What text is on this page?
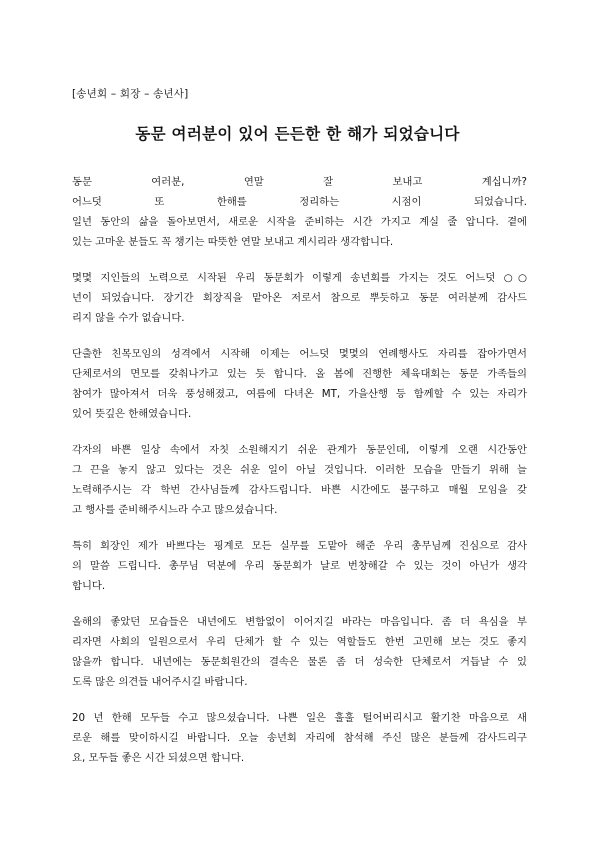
[송년회 – 회장 – 송년사]
동문 여러분이 있어 든든한 한 해가 되었습니다
동문 여러분, 연말 잘 보내고 계십니까?
어느덧 또 한해를 정리하는 시점이 되었습니다.
일년 동안의 삶을 돌아보면서, 새로운 시작을 준비하는 시간 가지고 계실 줄 압니다. 곁에
있는 고마운 분들도 꼭 챙기는 따뜻한 연말 보내고 계시리라 생각합니다.
몇몇 지인들의 노력으로 시작된 우리 동문회가 이렇게 송년회를 가지는 것도 어느덧 ○○
년이 되었습니다. 장기간 회장직을 맡아온 저로서 참으로 뿌듯하고 동문 여러분께 감사드
리지 않을 수가 없습니다.
단출한 친목모임의 성격에서 시작해 이제는 어느덧 몇몇의 연례행사도 자리를 잡아가면서
단체로서의 면모를 갖춰나가고 있는 듯 합니다. 올 봄에 진행한 체육대회는 동문 가족들의
참여가 많아져서 더욱 풍성해졌고, 여름에 다녀온 MT, 가을산행 등 함께할 수 있는 자리가
있어 뜻깊은 한해였습니다.
각자의 바쁜 일상 속에서 자칫 소원해지기 쉬운 관계가 동문인데, 이렇게 오랜 시간동안
그 끈을 놓지 않고 있다는 것은 쉬운 일이 아닐 것입니다. 이러한 모습을 만들기 위해 늘
노력해주시는 각 학번 간사님들께 감사드립니다. 바쁜 시간에도 불구하고 매월 모임을 갖
고 행사를 준비해주시느라 수고 많으셨습니다.
특히 회장인 제가 바쁘다는 핑계로 모든 실무를 도맡아 해준 우리 총무님께 진심으로 감사
의 말씀 드립니다. 총무님 덕분에 우리 동문회가 날로 번창해갈 수 있는 것이 아닌가 생각
합니다.
올해의 좋았던 모습들은 내년에도 변함없이 이어지길 바라는 마음입니다. 좀 더 욕심을 부
리자면 사회의 일원으로서 우리 단체가 할 수 있는 역할들도 한번 고민해 보는 것도 좋지
않을까 합니다. 내년에는 동문회원간의 결속은 물론 좀 더 성숙한 단체로서 거듭날 수 있
도록 많은 의견들 내어주시길 바랍니다.
20 년 한해 모두들 수고 많으셨습니다. 나쁜 일은 훌훌 털어버리시고 활기찬 마음으로 새
로운 해를 맞이하시길 바랍니다. 오늘 송년회 자리에 참석해 주신 많은 분들께 감사드리구
요, 모두들 좋은 시간 되셨으면 합니다.
